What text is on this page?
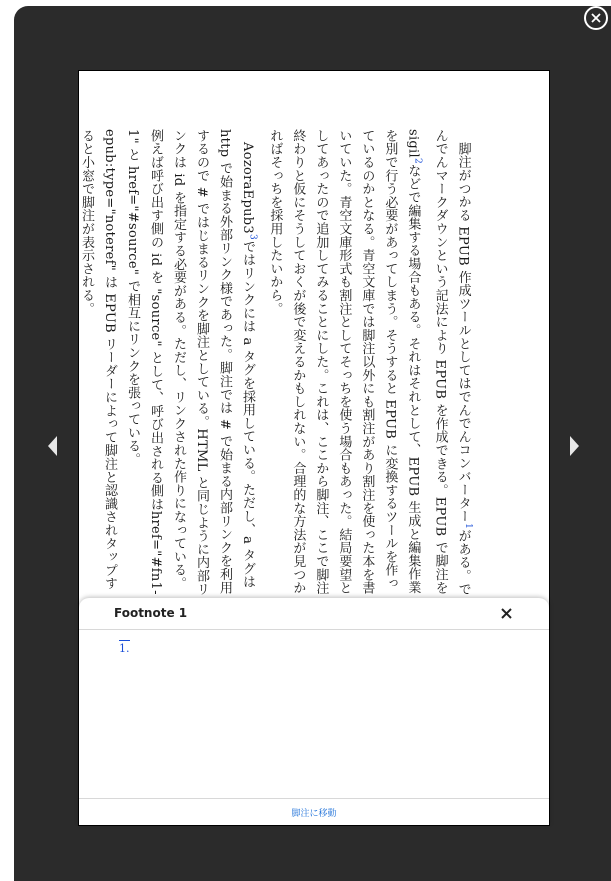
脚注がつかる EPUB 作成ツールとしてはでんでんコンバーター$^1$がある。でんでんマークダウンという記法により EPUB を作成できる。EPUB で脚注をsigil$^2$などで編集する場合もある。それはそれとして、EPUB 生成と編集作業を別で行う必要があってしまう。そうすると EPUB に変換するツールを作っているのかとなる。青空文庫では脚注以外にも割注があり割注を使った本を書いていた。青空文庫形式も割注としてそっちを使う場合もあった。結局要望としてあったので追加してみることにした。これは、ここから脚注、ここで脚注終わりと仮にそうしておくが後で変えるかもしれない。合理的な方法が見つかればそっちを採用したいから。

AozoraEpub3$^3$ではリンクには a タグを採用している。ただし、a タグは http で始まる外部リンク様であった。脚注では # で始まる内部リンクを利用するので # ではじまるリンクを脚注としている。HTML と同じように内部リンクは id を指定する必要がある。ただし、リンクされた作りになっている。例えば呼び出す側の id を "source" として、呼び出される側はhref="#fn1-1" と href="#source" で相互にリンクを張っている。epub:type="noteref" は EPUB リーダーによって脚注と認識されタップすると小窓で脚注が表示される。

Footnote 1
1.
脚注に移動
